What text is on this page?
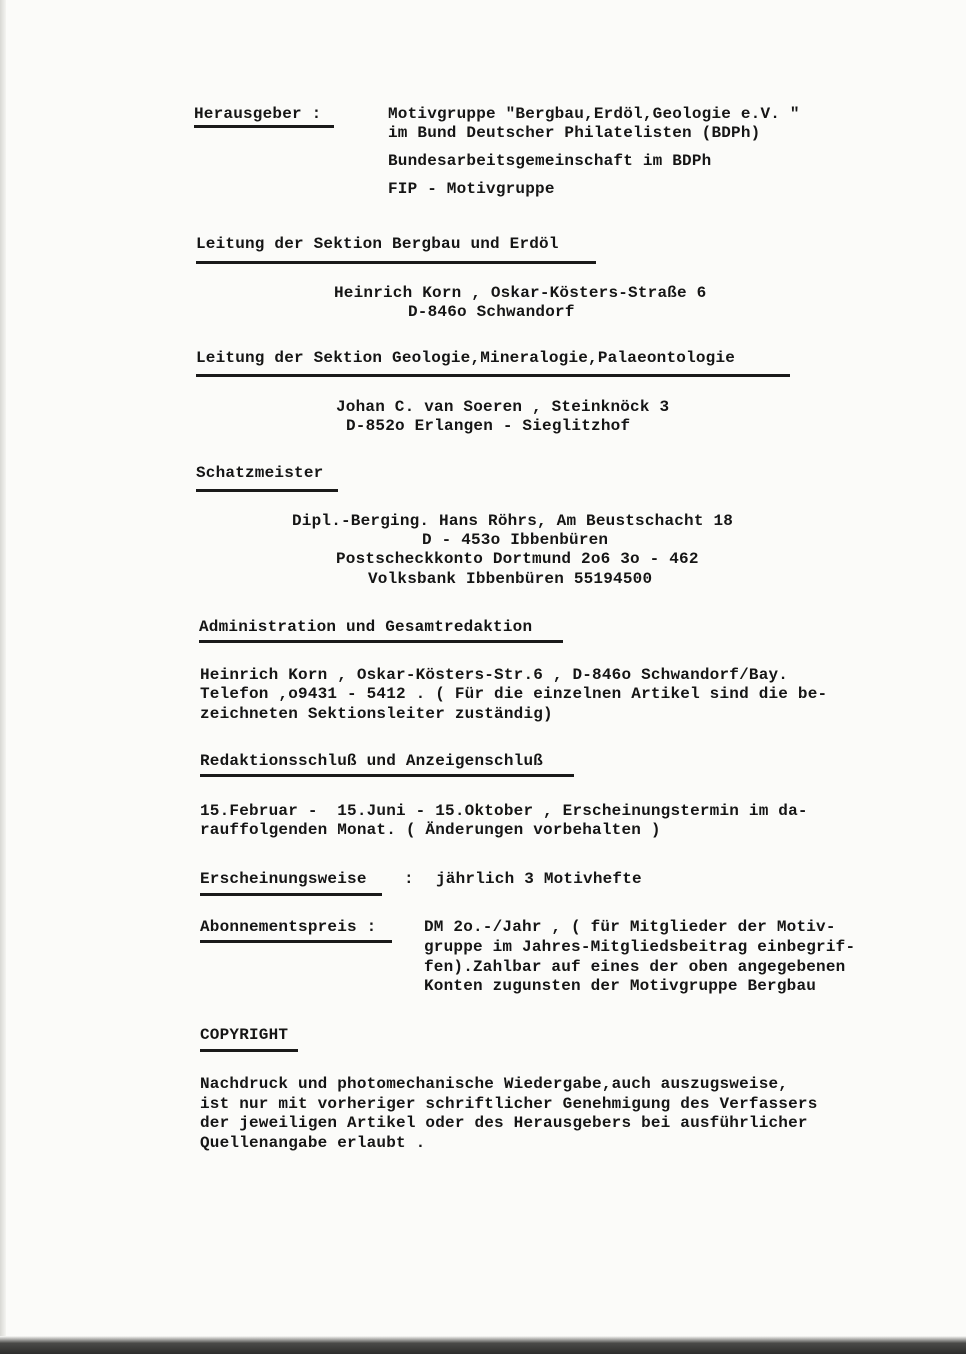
Herausgeber :	Motivgruppe "Bergbau,Erdöl,Geologie e.V. "
im Bund Deutscher Philatelisten (BDPh)
Bundesarbeitsgemeinschaft im BDPh
FIP - Motivgruppe
Leitung der Sektion Bergbau und Erdöl
Heinrich Korn , Oskar-Kösters-Straße 6
D-846o Schwandorf
Leitung der Sektion Geologie,Mineralogie,Palaeontologie
Johan C. van Soeren , Steinknöck 3
D-852o Erlangen - Sieglitzhof
Schatzmeister
Dipl.-Berging. Hans Röhrs, Am Beustschacht 18
D - 453o Ibbenbüren
Postscheckkonto Dortmund 2o6 3o - 462
Volksbank Ibbenbüren 55194500
Administration und Gesamtredaktion
Heinrich Korn , Oskar-Kösters-Str.6 , D-846o Schwandorf/Bay.
Telefon ,o9431 - 5412 . ( Für die einzelnen Artikel sind die be-
zeichneten Sektionsleiter zuständig)
Redaktionsschluß und Anzeigenschluß
15.Februar -  15.Juni - 15.Oktober , Erscheinungstermin im da-
rauffolgenden Monat. ( Änderungen vorbehalten )
Erscheinungsweise : jährlich 3 Motivhefte
Abonnementspreis :	DM 2o.-/Jahr , ( für Mitglieder der Motiv-
gruppe im Jahres-Mitgliedsbeitrag einbegrif-
fen).Zahlbar auf eines der oben angegebenen
Konten zugunsten der Motivgruppe Bergbau
COPYRIGHT
Nachdruck und photomechanische Wiedergabe,auch auszugsweise,
ist nur mit vorheriger schriftlicher Genehmigung des Verfassers
der jeweiligen Artikel oder des Herausgebers bei ausführlicher
Quellenangabe erlaubt .
